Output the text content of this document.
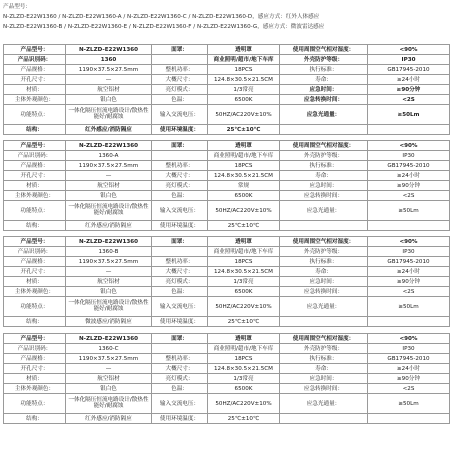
产品型号：
N-ZLZD-E22W1360 / N-ZLZD-E22W1360-A / N-ZLZD-E22W1360-C / N-ZLZD-E22W1360-D，感应方式：红外人体感应
N-ZLZD-E22W1360-B / N-ZLZD-E22W1360-E / N-ZLZD-E22W1360-F / N-ZLZD-E22W1360-G，感应方式：微波雷达感应
产品型号：	N-ZLZD-E22W1360	面罩：	透明罩	使用周围空气相对湿度：	<90%
产品识别码：	1360		商业照明/超市/地下车库	外壳防护等级：	IP30
产品规格：	1190×37.5×27.5mm	整机功率：	18PCS	执行标准：	GB17945-2010
开孔尺寸：	—	大概尺寸：	124.8×30.5×21.5CM	寿命：	≥24小时
材质：	航空铝材	亮灯模式：	1/3常亮	应急时间：	≥90分钟
主体外观颜色：	银白色	色温：	6500K	应急转换时间：	<2S
功能特点：	一体化隔压恒流电路设计/散热性能好/耐腐蚀	输入交流电压：	50HZ/AC220V±10%	应急光通量：	≥50Lm
结构：	红外感应/消防隔应	使用环境温度：	25℃±10℃		
产品型号：	N-ZLZD-E22W1360	面罩：	透明罩	使用周围空气相对湿度：	<90%
产品识别码：	1360-A		商业照明/超市/地下车库	外壳防护等级：	IP30
产品规格：	1190×37.5×27.5mm	整机功率：	18PCS	执行标准：	GB17945-2010
开孔尺寸：	—	大概尺寸：	124.8×30.5×21.5CM	寿命：	≥24小时
材质：	航空铝材	亮灯模式：	常规	应急时间：	≥90分钟
主体外观颜色：	银白色	色温：	6500K	应急转换时间：	<2S
功能特点：	一体化隔压恒流电路设计/散热性能好/耐腐蚀	输入交流电压：	50HZ/AC220V±10%	应急光通量：	≥50Lm
结构：	红外感应/消防隔应	使用环境温度：	25℃±10℃		
产品型号：	N-ZLZD-E22W1360	面罩：	透明罩	使用周围空气相对湿度：	<90%
产品识别码：	1360-B		商业照明/超市/地下车库	外壳防护等级：	IP30
产品规格：	1190×37.5×27.5mm	整机功率：	18PCS	执行标准：	GB17945-2010
开孔尺寸：	—	大概尺寸：	124.8×30.5×21.5CM	寿命：	≥24小时
材质：	航空铝材	亮灯模式：	1/3常亮	应急时间：	≥90分钟
主体外观颜色：	银白色	色温：	6500K	应急转换时间：	<2S
功能特点：	一体化隔压恒流电路设计/散热性能好/耐腐蚀	输入交流电压：	50HZ/AC220V±10%	应急光通量：	≥50Lm
结构：	微波感应/消防隔应	使用环境温度：	25℃±10℃		
产品型号：	N-ZLZD-E22W1360	面罩：	透明罩	使用周围空气相对湿度：	<90%
产品识别码：	1360-C		商业照明/超市/地下车库	外壳防护等级：	IP30
产品规格：	1190×37.5×27.5mm	整机功率：	18PCS	执行标准：	GB17945-2010
开孔尺寸：	—	大概尺寸：	124.8×30.5×21.5CM	寿命：	≥24小时
材质：	航空铝材	亮灯模式：	1/3常亮	应急时间：	≥90分钟
主体外观颜色：	银白色	色温：	6500K	应急转换时间：	<2S
功能特点：	一体化隔压恒流电路设计/散热性能好/耐腐蚀	输入交流电压：	50HZ/AC220V±10%	应急光通量：	≥50Lm
结构：	红外感应/消防隔应	使用环境温度：	25℃±10℃		
